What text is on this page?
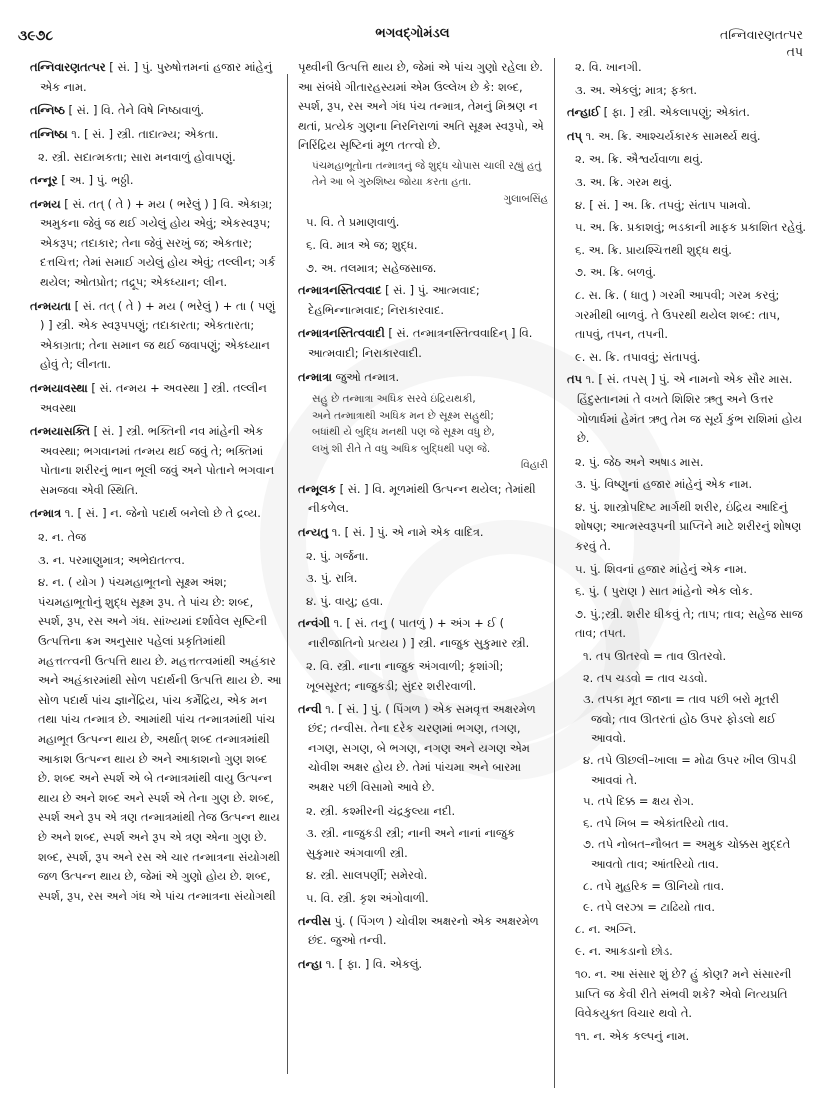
૩૯૭૮	ભગવદ્ગોમંડલ	તન્નિવારણતત્પર
તપ
તન્નિવારણતત્પર [ સં. ] પું. પુરુષોત્તમનાં હજાર માંહેનું એક નામ.
તન્નિષ્ઠ [ સં. ] વિ. તેને વિષે નિષ્ઠાવાળું.
તન્નિષ્ઠા ૧. [ સં. ] સ્ત્રી. તાદાત્મ્ય; એકતા.
૨. સ્ત્રી. સદાત્મકતા; સારા મનવાળું હોવાપણું.
તન્નૂર [ અ. ] પું. ભઠ્ઠી.
તન્મય [ સં. તત્ ( તે ) + મય ( ભરેલું ) ] વિ. એકાગ્ર; અમુકના જેવું જ થઈ ગયેલું હોય એવું; એકસ્વરૂપ; એકરૂપ; તદાકાર; તેના જેવું સરખું જ; એકતાર; દત્તચિત્ત; તેમાં સમાઈ ગયેલું હોય એવું; તલ્લીન; ગર્ક થયેલ; ઓતપ્રોત; તદ્રૂપ; એકધ્યાન; લીન.
તન્મયતા [ સં. તત્ ( તે ) + મય ( ભરેલું ) + તા ( પણું ) ] સ્ત્રી. એક સ્વરૂપપણું; તદાકારતા; એકતારતા; એકાગ્રતા; તેના સમાન જ થઈ જવાપણું; એકધ્યાન હોવું તે; લીનતા.
તન્મયાવસ્થા [ સં. તન્મય + અવસ્થા ] સ્ત્રી. તલ્લીન અવસ્થા
તન્મયાસક્તિ [ સં. ] સ્ત્રી. ભક્તિની નવ માંહેની એક અવસ્થા; ભગવાનમાં તન્મય થઈ જવું તે; ભક્તિમાં પોતાના શરીરનું ભાન ભૂલી જવું અને પોતાને ભગવાન સમજવા એવી સ્થિતિ.
તન્માત્ર ૧. [ સં. ] ન. જેનો પદાર્થ બનેલો છે તે દ્રવ્ય.
૨. ન. તેજ
૩. ન. પરમાણુમાત્ર; અભેદ્યતત્ત્વ.
૪. ન. ( યોગ ) પંચમહાભૂતનો સૂક્ષ્મ અંશ; પંચમહાભૂતોનું શુદ્ધ સૂક્ષ્મ રૂપ. તે પાંચ છે: શબ્દ, સ્પર્શ, રૂપ, રસ અને ગંધ. સાંખ્યમાં દર્શાવેલ સૃષ્ટિની ઉત્પત્તિના ક્રમ અનુસાર પહેલાં પ્રકૃતિમાંથી મહત્તત્ત્વની ઉત્પત્તિ થાય છે. મહત્તત્ત્વમાંથી અહંકાર અને અહંકારમાંથી સોળ પદાર્થની ઉત્પત્તિ થાય છે. આ સોળ પદાર્થ પાંચ જ્ઞાનેંદ્રિય, પાંચ કર્મેંદ્રિય, એક મન તથા પાંચ તન્માત્ર છે. આમાંથી પાંચ તન્માત્રમાંથી પાંચ મહાભૂત ઉત્પન્ન થાય છે, અર્થાત્ શબ્દ તન્માત્રમાંથી આકાશ ઉત્પન્ન થાય છે અને આકાશનો ગુણ શબ્દ છે. શબ્દ અને સ્પર્શ એ બે તન્માત્રમાંથી વાયુ ઉત્પન્ન થાય છે અને શબ્દ અને સ્પર્શ એ તેના ગુણ છે. શબ્દ, સ્પર્શ અને રૂપ એ ત્રણ તન્માત્રમાંથી તેજ ઉત્પન્ન થાય છે અને શબ્દ, સ્પર્શ અને રૂપ એ ત્રણ એના ગુણ છે. શબ્દ, સ્પર્શ, રૂપ અને રસ એ ચાર તન્માત્રના સંયોગથી જળ ઉત્પન્ન થાય છે, જેમાં એ ગુણો હોય છે. શબ્દ, સ્પર્શ, રૂપ, રસ અને ગંધ એ પાંચ તન્માત્રના સંયોગથી
પૃથ્વીની ઉત્પત્તિ થાય છે, જેમાં એ પાંચ ગુણો રહેલા છે. આ સંબંધે ગીતારહસ્યમાં એમ ઉલ્લેખ છે કે: શબ્દ, સ્પર્શ, રૂપ, રસ અને ગંધ પંચ તન્માત્ર, તેમનું મિશ્રણ ન થતાં, પ્રત્યેક ગુણના નિરનિરાળાં અતિ સૂક્ષ્મ સ્વરૂપો, એ નિરિંદ્રિય સૃષ્ટિનાં મૂળ તત્ત્વો છે.
પંચમહાભૂતોના તન્માત્રનું જે શુદ્ધ ચોપાસ ચાલી રહ્યું હતું તેને આ બે ગુરુશિષ્ય જોયા કરતા હતા.
ગુલાબસિંહ
૫. વિ. તે પ્રમાણવાળું.
૬. વિ. માત્ર એ જ; શુદ્ધ.
૭. અ. તલમાત્ર; સહેજસાજ.
તન્માત્રનસ્તિત્વવાદ [ સં. ] પું. આત્મવાદ; દેહભિન્નાત્મવાદ; નિરાકારવાદ.
તન્માત્રનસ્તિત્વવાદી [ સં. તન્માત્રનસ્તિત્વવાદિન્ ] વિ. આત્મવાદી; નિરાકારવાદી.
તન્માત્રા જુઓ તન્માત્ર.
સહુ છે તન્માત્રા અધિક સરવે ઇંદ્રિયથકી,
અને તન્માત્રાથી અધિક મન છે સૂક્ષ્મ સહુથી;
બધાંથી યે બુદ્ધિ મનથી પણ જે સૂક્ષ્મ વધુ છે,
લખું શી રીતે તે વધુ અધિક બુદ્ધિથી પણ જે.
વિહારી
તન્મૂલક [ સં. ] વિ. મૂળમાંથી ઉત્પન્ન થયેલ; તેમાંથી નીકળેલ.
તન્યતુ ૧. [ સં. ] પું. એ નામે એક વાદિત્ર.
૨. પું. ગર્જના.
૩. પું. રાત્રિ.
૪. પું. વાયુ; હવા.
તન્વંગી ૧. [ સં. તનુ ( પાતળું ) + અંગ + ઈ ( નારીજાતિનો પ્રત્યય ) ] સ્ત્રી. નાજુક સુકુમાર સ્ત્રી.
૨. વિ. સ્ત્રી. નાના નાજુક અંગવાળી; કૃશાંગી; ખૂબસૂરત; નાજુકડી; સુંદર શરીરવાળી.
તન્વી ૧. [ સં. ] પું. ( પિંગળ ) એક સમવૃત્ત અક્ષરમેળ છંદ; તન્વીસ. તેના દરેક ચરણમાં ભગણ, તગણ, નગણ, સગણ, બે ભગણ, નગણ અને યગણ એમ ચોવીશ અક્ષર હોય છે. તેમાં પાંચમા અને બારમા અક્ષર પછી વિસામો આવે છે.
૨. સ્ત્રી. કશ્મીરની ચંદ્રકુલ્યા નદી.
૩. સ્ત્રી. નાજુકડી સ્ત્રી; નાની અને નાનાં નાજુક સુકુમાર અંગવાળી સ્ત્રી.
૪. સ્ત્રી. સાલપર્ણી; સમેરવો.
૫. વિ. સ્ત્રી. કૃશ અંગોવાળી.
તન્વીસ પું. ( પિંગળ ) ચોવીશ અક્ષરનો એક અક્ષરમેળ છંદ. જુઓ તન્વી.
તન્હા ૧. [ ફા. ] વિ. એકલું.
૨. વિ. ખાનગી.
૩. અ. એકલું; માત્ર; ફક્ત.
તન્હાઈ [ ફા. ] સ્ત્રી. એકલાપણું; એકાંત.
તપ્ ૧. અ. ક્રિ. આશ્ચર્યકારક સામર્થ્ય થવું.
૨. અ. ક્રિ. ઐશ્વર્યવાળા થવું.
૩. અ. ક્રિ. ગરમ થવું.
૪. [ સં. ] અ. ક્રિ. તપવું; સંતાપ પામવો.
૫. અ. ક્રિ. પ્રકાશવું; ભડકાની માફક પ્રકાશિત રહેવું.
૬. અ. ક્રિ. પ્રાયશ્ચિત્તથી શુદ્ધ થવું.
૭. અ. ક્રિ. બળવું.
૮. સ. ક્રિ. ( ધાતુ ) ગરમી આપવી; ગરમ કરવું; ગરમીથી બાળવું. તે ઉપરથી થયેલ શબ્દ: તાપ, તાપવું, તપન, તપની.
૯. સ. ક્રિ. તપાવવું; સંતાપવું.
તપ ૧. [ સં. તપસ્ ] પું. એ નામનો એક સૌર માસ. હિંદુસ્તાનમાં તે વખતે શિશિર ઋતુ અને ઉત્તર ગોળાર્ધમાં હેમંત ઋતુ તેમ જ સૂર્ય કુંભ રાશિમાં હોય છે.
૨. પું. જેઠ અને અષાડ માસ.
૩. પું. વિષ્ણુનાં હજાર માંહેનું એક નામ.
૪. પું. શાસ્ત્રોપદિષ્ટ માર્ગથી શરીર, ઇંદ્રિય આદિનું શોષણ; આત્મસ્વરૂપની પ્રાપ્તિને માટે શરીરનું શોષણ કરવું તે.
૫. પું. શિવનાં હજાર માંહેનું એક નામ.
૬. પું. ( પુરાણ ) સાત માંહેનો એક લોક.
૭. પું.;સ્ત્રી. શરીર ધીકવું તે; તાપ; તાવ; સહેજ સાજ તાવ; તપત.
૧. તપ ઊતરવો = તાવ ઊતરવો.
૨. તપ ચડવો = તાવ ચડવો.
૩. તપકા મૂત જાના = તાવ પછી બરો મૂતરી જવો; તાવ ઊતરતાં હોઠ ઉપર ફોડલો થઈ આવવો.
૪. તપે ઊછલી–ખાલા = મોઢા ઉપર ખીલ ઊપડી આવવાં તે.
૫. તપે દિક્ક = ક્ષય રોગ.
૬. તપે ખિબ = એકાંતરિયો તાવ.
૭. તપે નોબત–નૌબત = અમુક ચોક્કસ મુદ્દતે આવતો તાવ; આંતરિયો તાવ.
૮. તપે મુહરિક = ઊનિયો તાવ.
૯. તપે લરઝા = ટાઢિયો તાવ.
૮. ન. અગ્નિ.
૯. ન. આકડાનો છોડ.
૧૦. ન. આ સંસાર શું છે? હું કોણ? મને સંસારની પ્રાપ્તિ જ કેવી રીતે સંભવી શકે? એવો નિત્યપ્રતિ વિવેકયુક્ત વિચાર થવો તે.
૧૧. ન. એક કલ્પનું નામ.
